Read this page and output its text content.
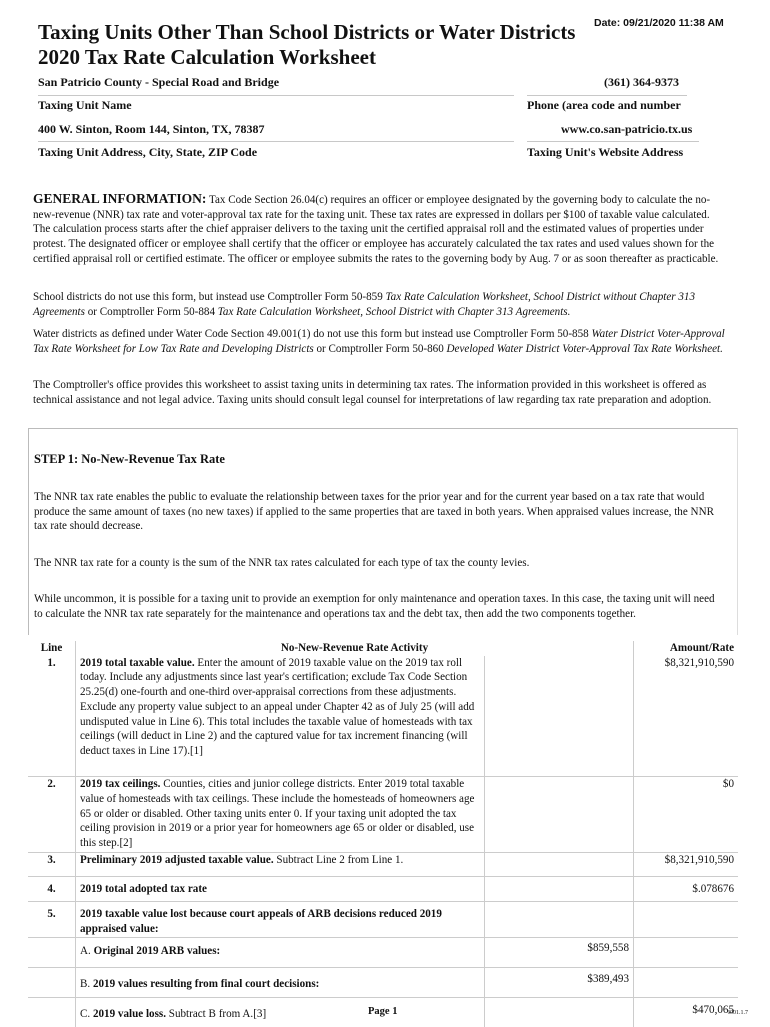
Taxing Units Other Than School Districts or Water Districts
2020 Tax Rate Calculation Worksheet
Date: 09/21/2020 11:38 AM
San Patricio County - Special Road and Bridge
Taxing Unit Name
(361) 364-9373
Phone (area code and number
400 W. Sinton, Room 144, Sinton, TX, 78387
Taxing Unit Address, City, State, ZIP Code
www.co.san-patricio.tx.us
Taxing Unit's Website Address
GENERAL INFORMATION: Tax Code Section 26.04(c) requires an officer or employee designated by the governing body to calculate the no-new-revenue (NNR) tax rate and voter-approval tax rate for the taxing unit. These tax rates are expressed in dollars per $100 of taxable value calculated. The calculation process starts after the chief appraiser delivers to the taxing unit the certified appraisal roll and the estimated values of properties under protest. The designated officer or employee shall certify that the officer or employee has accurately calculated the tax rates and used values shown for the certified appraisal roll or certified estimate. The officer or employee submits the rates to the governing body by Aug. 7 or as soon thereafter as practicable.
School districts do not use this form, but instead use Comptroller Form 50-859 Tax Rate Calculation Worksheet, School District without Chapter 313 Agreements or Comptroller Form 50-884 Tax Rate Calculation Worksheet, School District with Chapter 313 Agreements.
Water districts as defined under Water Code Section 49.001(1) do not use this form but instead use Comptroller Form 50-858 Water District Voter-Approval Tax Rate Worksheet for Low Tax Rate and Developing Districts or Comptroller Form 50-860 Developed Water District Voter-Approval Tax Rate Worksheet.
The Comptroller's office provides this worksheet to assist taxing units in determining tax rates. The information provided in this worksheet is offered as technical assistance and not legal advice. Taxing units should consult legal counsel for interpretations of law regarding tax rate preparation and adoption.
STEP 1: No-New-Revenue Tax Rate
The NNR tax rate enables the public to evaluate the relationship between taxes for the prior year and for the current year based on a tax rate that would produce the same amount of taxes (no new taxes) if applied to the same properties that are taxed in both years. When appraised values increase, the NNR tax rate should decrease.
The NNR tax rate for a county is the sum of the NNR tax rates calculated for each type of tax the county levies.
While uncommon, it is possible for a taxing unit to provide an exemption for only maintenance and operation taxes. In this case, the taxing unit will need to calculate the NNR tax rate separately for the maintenance and operations tax and the debt tax, then add the two components together.
Line	No-New-Revenue Rate Activity		Amount/Rate
1.	2019 total taxable value. Enter the amount of 2019 taxable value on the 2019 tax roll today. Include any adjustments since last year's certification; exclude Tax Code Section 25.25(d) one-fourth and one-third over-appraisal corrections from these adjustments. Exclude any property value subject to an appeal under Chapter 42 as of July 25 (will add undisputed value in Line 6). This total includes the taxable value of homesteads with tax ceilings (will deduct in Line 2) and the captured value for tax increment financing (will deduct taxes in Line 17).[1]		$8,321,910,590
2.	2019 tax ceilings. Counties, cities and junior college districts. Enter 2019 total taxable value of homesteads with tax ceilings. These include the homesteads of homeowners age 65 or older or disabled. Other taxing units enter 0. If your taxing unit adopted the tax ceiling provision in 2019 or a prior year for homeowners age 65 or older or disabled, use this step.[2]		$0
3.	Preliminary 2019 adjusted taxable value. Subtract Line 2 from Line 1.		$8,321,910,590
4.	2019 total adopted tax rate		$.078676
5.	2019 taxable value lost because court appeals of ARB decisions reduced 2019 appraised value:		
	A. Original 2019 ARB values:	$859,558	
	B. 2019 values resulting from final court decisions:	$389,493	
	C. 2019 value loss. Subtract B from A.[3]		$470,065
Page 1	I001.1.7
